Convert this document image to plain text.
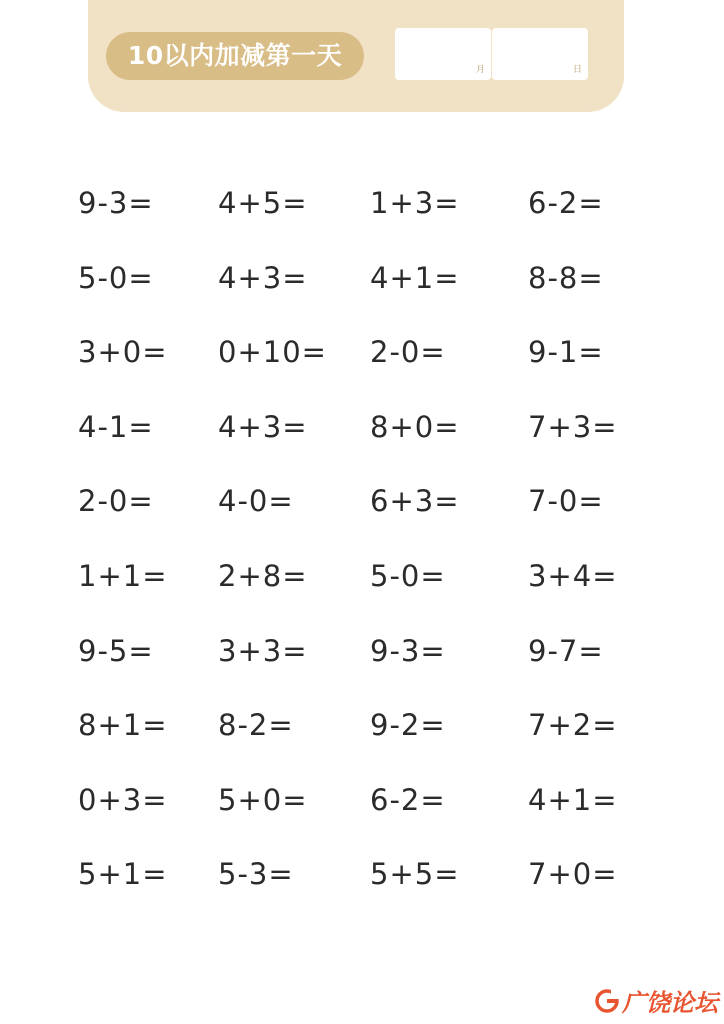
10以内加减第一天	月	日
9-3= 4+5= 1+3= 6-2=
5-0= 4+3= 4+1= 8-8=
3+0= 0+10= 2-0=	9-1=
4-1= 4+3= 8+0= 7+3=
2-0= 4-0=	6+3= 7-0=
1+1= 2+8= 5-0=	3+4=
9-5= 3+3= 9-3=	9-7=
8+1= 8-2=	9-2=	7+2=
0+3= 5+0= 6-2=	4+1=
5+1= 5-3=	5+5= 7+0=
广饶论坛
